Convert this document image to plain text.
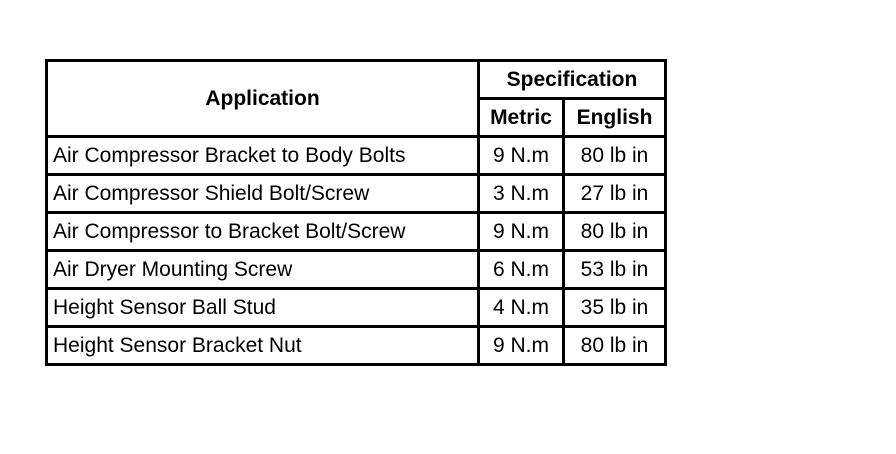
Application	Specification	
	Metric	English
Air Compressor Bracket to Body Bolts	9 N.m	80 lb in
Air Compressor Shield Bolt/Screw	3 N.m	27 lb in
Air Compressor to Bracket Bolt/Screw	9 N.m	80 lb in
Air Dryer Mounting Screw	6 N.m	53 lb in
Height Sensor Ball Stud	4 N.m	35 lb in
Height Sensor Bracket Nut	9 N.m	80 lb in
